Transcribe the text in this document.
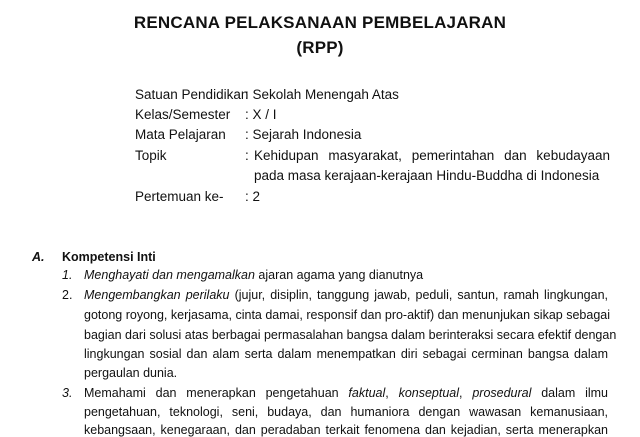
RENCANA PELAKSANAAN PEMBELAJARAN
(RPP)
Satuan Pendidikan
: Sekolah Menengah Atas
Kelas/Semester : X / I
Mata Pelajaran : Sejarah Indonesia
Topik	: Kehidupan masyarakat, pemerintahan dan kebudayaan
pada masa kerajaan-kerajaan Hindu-Buddha di Indonesia
Pertemuan ke- : 2
A. Kompetensi Inti
1. Menghayati dan mengamalkan ajaran agama yang dianutnya
2. Mengembangkan perilaku (jujur, disiplin, tanggung jawab, peduli, santun, ramah lingkungan,
gotong royong, kerjasama, cinta damai, responsif dan pro-aktif) dan menunjukan sikap sebagai
bagian dari solusi atas berbagai permasalahan bangsa dalam berinteraksi secara efektif dengan
lingkungan sosial dan alam serta dalam menempatkan diri sebagai cerminan bangsa dalam
pergaulan dunia.
3. Memahami dan menerapkan pengetahuan faktual, konseptual, prosedural dalam ilmu
pengetahuan, teknologi, seni, budaya, dan humaniora dengan wawasan kemanusiaan,
kebangsaan, kenegaraan, dan peradaban terkait fenomena dan kejadian, serta menerapkan
